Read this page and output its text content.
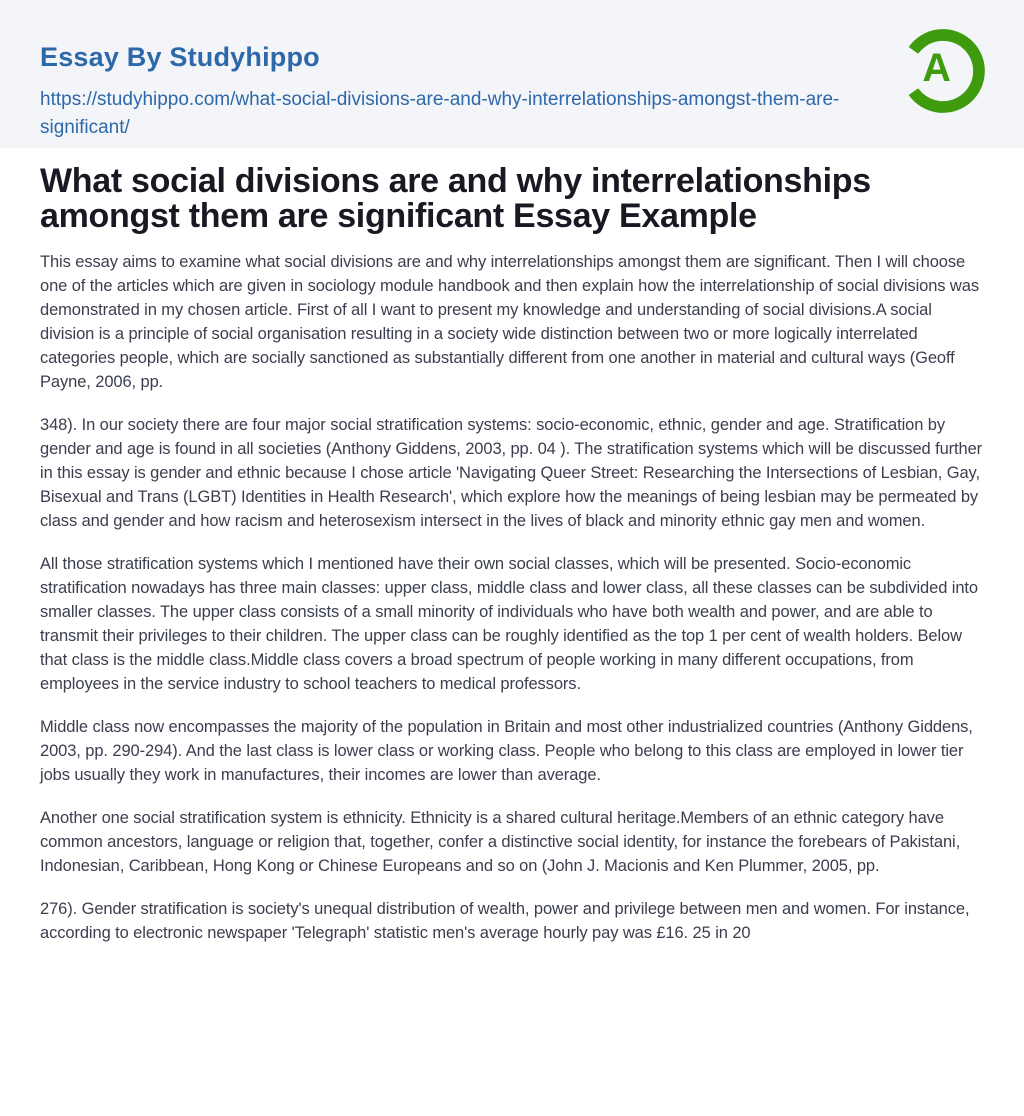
Essay By Studyhippo
https://studyhippo.com/what-social-divisions-are-and-why-interrelationships-amongst-them-are-significant/
A
What social divisions are and why interrelationships amongst them are significant Essay Example

This essay aims to examine what social divisions are and why interrelationships amongst them are significant. Then I will choose one of the articles which are given in sociology module handbook and then explain how the interrelationship of social divisions was demonstrated in my chosen article. First of all I want to present my knowledge and understanding of social divisions.A social division is a principle of social organisation resulting in a society wide distinction between two or more logically interrelated categories people, which are socially sanctioned as substantially different from one another in material and cultural ways (Geoff Payne, 2006, pp.

348). In our society there are four major social stratification systems: socio-economic, ethnic, gender and age. Stratification by gender and age is found in all societies (Anthony Giddens, 2003, pp. 04 ). The stratification systems which will be discussed further in this essay is gender and ethnic because I chose article 'Navigating Queer Street: Researching the Intersections of Lesbian, Gay, Bisexual and Trans (LGBT) Identities in Health Research', which explore how the meanings of being lesbian may be permeated by class and gender and how racism and heterosexism intersect in the lives of black and minority ethnic gay men and women.

All those stratification systems which I mentioned have their own social classes, which will be presented. Socio-economic stratification nowadays has three main classes: upper class, middle class and lower class, all these classes can be subdivided into smaller classes. The upper class consists of a small minority of individuals who have both wealth and power, and are able to transmit their privileges to their children. The upper class can be roughly identified as the top 1 per cent of wealth holders. Below that class is the middle class.Middle class covers a broad spectrum of people working in many different occupations, from employees in the service industry to school teachers to medical professors.

Middle class now encompasses the majority of the population in Britain and most other industrialized countries (Anthony Giddens, 2003, pp. 290-294). And the last class is lower class or working class. People who belong to this class are employed in lower tier jobs usually they work in manufactures, their incomes are lower than average.

Another one social stratification system is ethnicity. Ethnicity is a shared cultural heritage.Members of an ethnic category have common ancestors, language or religion that, together, confer a distinctive social identity, for instance the forebears of Pakistani, Indonesian, Caribbean, Hong Kong or Chinese Europeans and so on (John J. Macionis and Ken Plummer, 2005, pp.

276). Gender stratification is society's unequal distribution of wealth, power and privilege between men and women. For instance, according to electronic newspaper 'Telegraph' statistic men's average hourly pay was £16. 25 in 20
